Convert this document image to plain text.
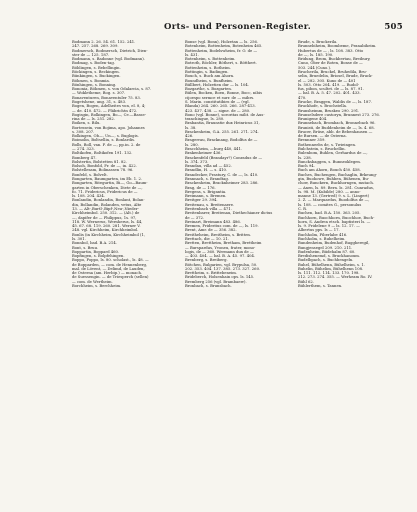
Orts- und Personen-Register.	505
Bodmann 2. 26. 54. 61. 152. 241.
247. 257. 268. 269. 309.
Bodmersch, Bodmersch, Dietrich, Dien-
ster de — 125. 187.
Bodmann, s. Badonne (vgl. Bodmann).
Bodmag, s. Boden-tag.
Böblingen, s. Bebellingin.
Böckingen, s. Beckingen.
Bünkingen, s. Buckingen.
Böhmen, s. Bonmia.
Bönhingen, s. Bonning.
Bononia, Böhmen, s. von Odalarcia, s. 87.
— Wokletheme, Bog. s. 307.
Bonaventuren, Bonaventuler 75. 83.
Bogetshene, ung. 31, s. 483.
Bogen, Bogen, Adelheites von, el. 8, 4;
— de. 410. 472. — Pläbrichtn 472.
Bogisgin, Bolkingen, Bo—, Ce.—Basse-
rina de — ls. 251. 282.
Boiken, s. Bilu.
Bortessein, von Bojima, apo. Johannes
s. 308. 207.
Bolkingen, Ob—, Un—, s. Buglogis.
Boimolin, Boltsellin, s. Bonlardis.
Bolls, Boll, van. F. de —, pp.in. 2. de
— 274. 323.
Boltikofen, Boltikofen 191. 132.
Bomberg 47.
Bolstertin, Bolstetten 81. 82.
Bolsoh, Bonfold, Fr. de —, in. 422.
Bolstellesam, Bolinassen 78. 96.
Bonfeld, s. Bolvelt.
Bongarten, Baumgarten, im Eb. 1. 2.
Bongarten, Ritegurtin, Bi—, Go—Baum-
garten in Oberschenken, Diete de —,
fo. 71. Fridericus, Fridericus de —
ls. 108. 204. 434.
Bonlandin, Bonlandin, Bonlant, Bolan-
din, Bollandin, Bolanden, vetus, Alte
13. — Alt-,Burtl-,Bipf-,Neu-,Nieder-
Kirchheimbol. 250. 312. — (Alt.) de
—, dapifer de — Philippus, 1s. 97,
118. W. Wernerus, Wernherus, ls. 44,
45. 67. 68. 119. 260. 281. Werner V.
248. vgl. Kirchheim, Kirchheimbol.
Bonlis (in Kirchheim, Kirchheimbol (1,
ls. 301.
Bonnbol, bad. B.A. 214.
Bont, s. Bruu.
Boppartin, Boppard 460.
Bopfingen, s. Bolpfehingen.
Boppo, Poppo, ls. 80. scholast., ls. 48. —
de Bopparden, — com. de Hennenberg,
mal. de Lövent, — Delimd, de Lauden,
de Osterna (am. Herbip.) — monach.
de Suessengin. — de Triesperch (sellen)
— com. de Wertheim.
Borchheim, s. Berchheim.
Bonse (vgl. Bonn), Holzetan — ls. 256.
Botenheim, Bottenheim, Botenheim 465.
Bottenheim, Bodelswheim, fr. O. de —
ls. 431.
Botenheim, s. Bottenheim.
Botroth, Böchler, Böthert, s. Bötthert.
Bottenheim, s. Botheim.
Bottingin, s. Badingen.
Bouch, s. Buch am Ahorn.
Boundheim, s. Bunfheim.
Büllbert, Holzetien dur — ls. 104.
Bozgarthe, s. Bozgarten.
Bülen, Bocken, Boen, Bonne, Bocc, nibis
cijoespo sermce et surr. de — mibrs.
S. Marin. constitutibies de — (vgl.
Blanda) 264. 260. 265. 266. 287-413.
423. 437. 438. — signe. de — 280.
Bono (vgl. Bonne), sororitas milit. de Aus-
tranchingue, ls. 280.
Brabantia, Braunstie dux Heinricus 31,
ls. 38.
Brackenheim, G.A. 255. 261. 271. 274.
426.
Bragerrau, Bracknang, Bodolfus de —
ls. 280.
Bracchheim, —burg 440, 441.
Brakenheimer 436.
Brackenfeld (Brandayr?) Conradus de —
ls. 374. 373.
Brandau, villa ad — 452.
Brandlin, H. — s. 410.
Brandecker, Prastury, C. de —, ls. 410.
Brannach, s. Brandtag.
Brackenheim, Bracknheimer 283. 286.
Brag, de — 176.
Bregens, s. Brigantia.
Breimann, s. Bremen.
Breitger 29. 394.
Breitenau, s. Breitenaere.
Breitenbach villa — 471.
Breitenbarer, Breitenau, Diethechianer dictus
de — 372.
Breinart, Breimann 483. 486.
Bremen, Frideritus com. de —, ls. 119.
Brent, Amr. de — 356. 382.
Breitheheim, Breitheim, s. Britten.
Brettach, die — 10. 21.
Bretten, Brettheim, Bretham, Brettheim
— Burspardus, Yvoneu, frater, mono-
logis, de — 360. Wermann dux de —
— 403. 404. — bal. B. A. 45. 97. 404.
Brenberg, s. Breiberg.
Bötchen, Bulgarien, vgl. Brypulsa, 50.
202. 353. 404. 137. 385. 273. 327. 260.
Brettheim, s. Brittebeneim.
Brideberch, Holsenhain ops. ls. 145.
Bremberg 256 (vgl. Brambaerr).
Bronbach, s. Brunsbach.
Brude, s. Bruckerila.
Brunnebiheim, Boombeme, Pranabiheim.
Hubertus de — , ls. 108. 383. Otto
de —, ls. 185. 190.
Bridung, Brom, Buckbertau, Breibury,
Cuno, Ober de Roten, Bonse de —
503. 244 (Cuno.).
Brucherila, Bruckel, Bruhedila, Bru-
selin, Bruedelin, Briosel, Brude, Bruck-
el — 282. 305. Kuno de — 401
ls. 503. Otto 204. 419. — Rudol-
fus, pibon, scultet. de — ls. 87. 91.
— bal. B. A. 5. 47. 202. 401. 433.
470.
Brucke, Braggen, Waldis de —, ls. 187.
Bruckhofe, s. Brochstella.
Brunsheimm, Bruskeo 290. 291.
Brunselsdere custoryn, Brunnest 273. 276.
Brunigene 404.
Brunnebach, Brombach, Bronnebach 96.
Brunisti, de Buddenheim de —, ls. 4. 68.
Brucer, Brüse, abb. de Bebenhausen —
de Bursen. — de Osterna.
Brennner 359.
Bothenneebs de, s. Twieingen.
Bulchstein, s. Bruchellin.
Bulenbom, Buhlen, Gerhardus de —,
ls. 238.
Buncksbaggen, s. Bunneoklegen.
Buch 94.
Buch am Ahorn, Bouch 450. 458.
Buches, Buchengen, Buchaglin, Brkeung-
gin, Buohowe, Buhben, Bühenen, Bu-
chow, Bunckern, Buckhorngen, mutach.
— Anen, ls. 89. Bern. ls. 281. Cunradus,
ls. 98. M. (Kubilde) 280. — anno-
manne 13. (Gertred) 9. s. L. (Lingert)
2. Z. — Marquardus, Ruodolfus de —,
ls. 108. — comites G., personulus
C. R.
Buchen, bad. B.A. 150. 363. 205.
Buchhorn, Buochhorn, Buochhoe, Buch-
horn, S. Andrea etsch. baptisteri ls. —
ls. 9. Fridelene 9 — ls. 12. 17. —
Albertus pps. ls — 17.
Buchholm, Fiberlabe 416.
Buchholm, s. Buhelheim.
Bundenheim, Budenhof, Buggheregil,
Bungjensegel 209. 210. 211.
Budenheim, Büdehalm 87. 60.
Bredishenemd, s. Bruckhanoum.
Budelbpach, s. Buchbengeln.
Buhel, Bühelhenn, Bühelheim, s. 1.
Buhelin, Bühelim, Bühelhenn 108.
ls. 111. 112. 114. 133. 170. 198.
212. 273. 274. 355. — Werheam Ro. IV.
Bühl 62.
Bühlerthem, s. Tannen.
